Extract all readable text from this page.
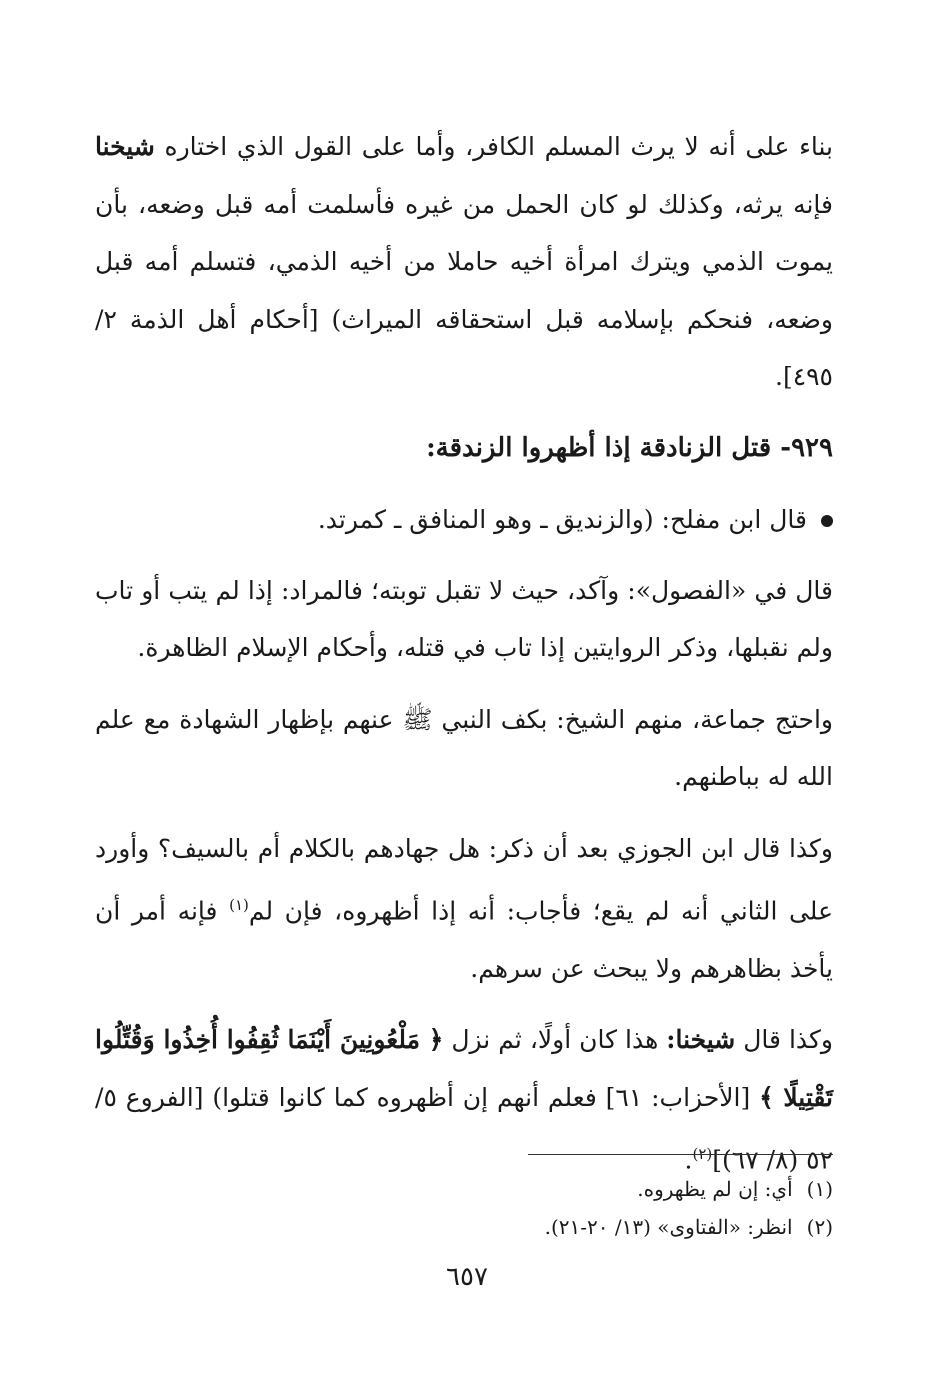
بناء على أنه لا يرث المسلم الكافر، وأما على القول الذي اختاره شيخنا فإنه يرثه، وكذلك لو كان الحمل من غيره فأسلمت أمه قبل وضعه، بأن يموت الذمي ويترك امرأة أخيه حاملا من أخيه الذمي، فتسلم أمه قبل وضعه، فنحكم بإسلامه قبل استحقاقه الميراث) [أحكام أهل الذمة ٢/ ٤٩٥].

٩٢٩- قتل الزنادقة إذا أظهروا الزندقة:

قال ابن مفلح: (والزنديق ـ وهو المنافق ـ كمرتد.

قال في «الفصول»: وآكد، حيث لا تقبل توبته؛ فالمراد: إذا لم يتب أو تاب ولم نقبلها، وذكر الروايتين إذا تاب في قتله، وأحكام الإسلام الظاهرة.

واحتج جماعة، منهم الشيخ: بكف النبي ﷺ عنهم بإظهار الشهادة مع علم الله له بباطنهم.

وكذا قال ابن الجوزي بعد أن ذكر: هل جهادهم بالكلام أم بالسيف؟ وأورد على الثاني أنه لم يقع؛ فأجاب: أنه إذا أظهروه، فإن لم$^{(١)}$ فإنه أمر أن يأخذ بظاهرهم ولا يبحث عن سرهم.

وكذا قال شيخنا: هذا كان أولًا، ثم نزل ﴿ مَلْعُونِينَ أَيْنَمَا ثُقِفُوا أُخِذُوا وَقُتِّلُوا تَقْتِيلًا ﴾ [الأحزاب: ٦١] فعلم أنهم إن أظهروه كما كانوا قتلوا) [الفروع ٥/ ٥٢ (٨/ ٦٧)]$^{(٢)}$.

(١)أي: إن لم يظهروه.

(٢)انظر: «الفتاوى» (١٣/ ٢٠-٢١).

٦٥٧
